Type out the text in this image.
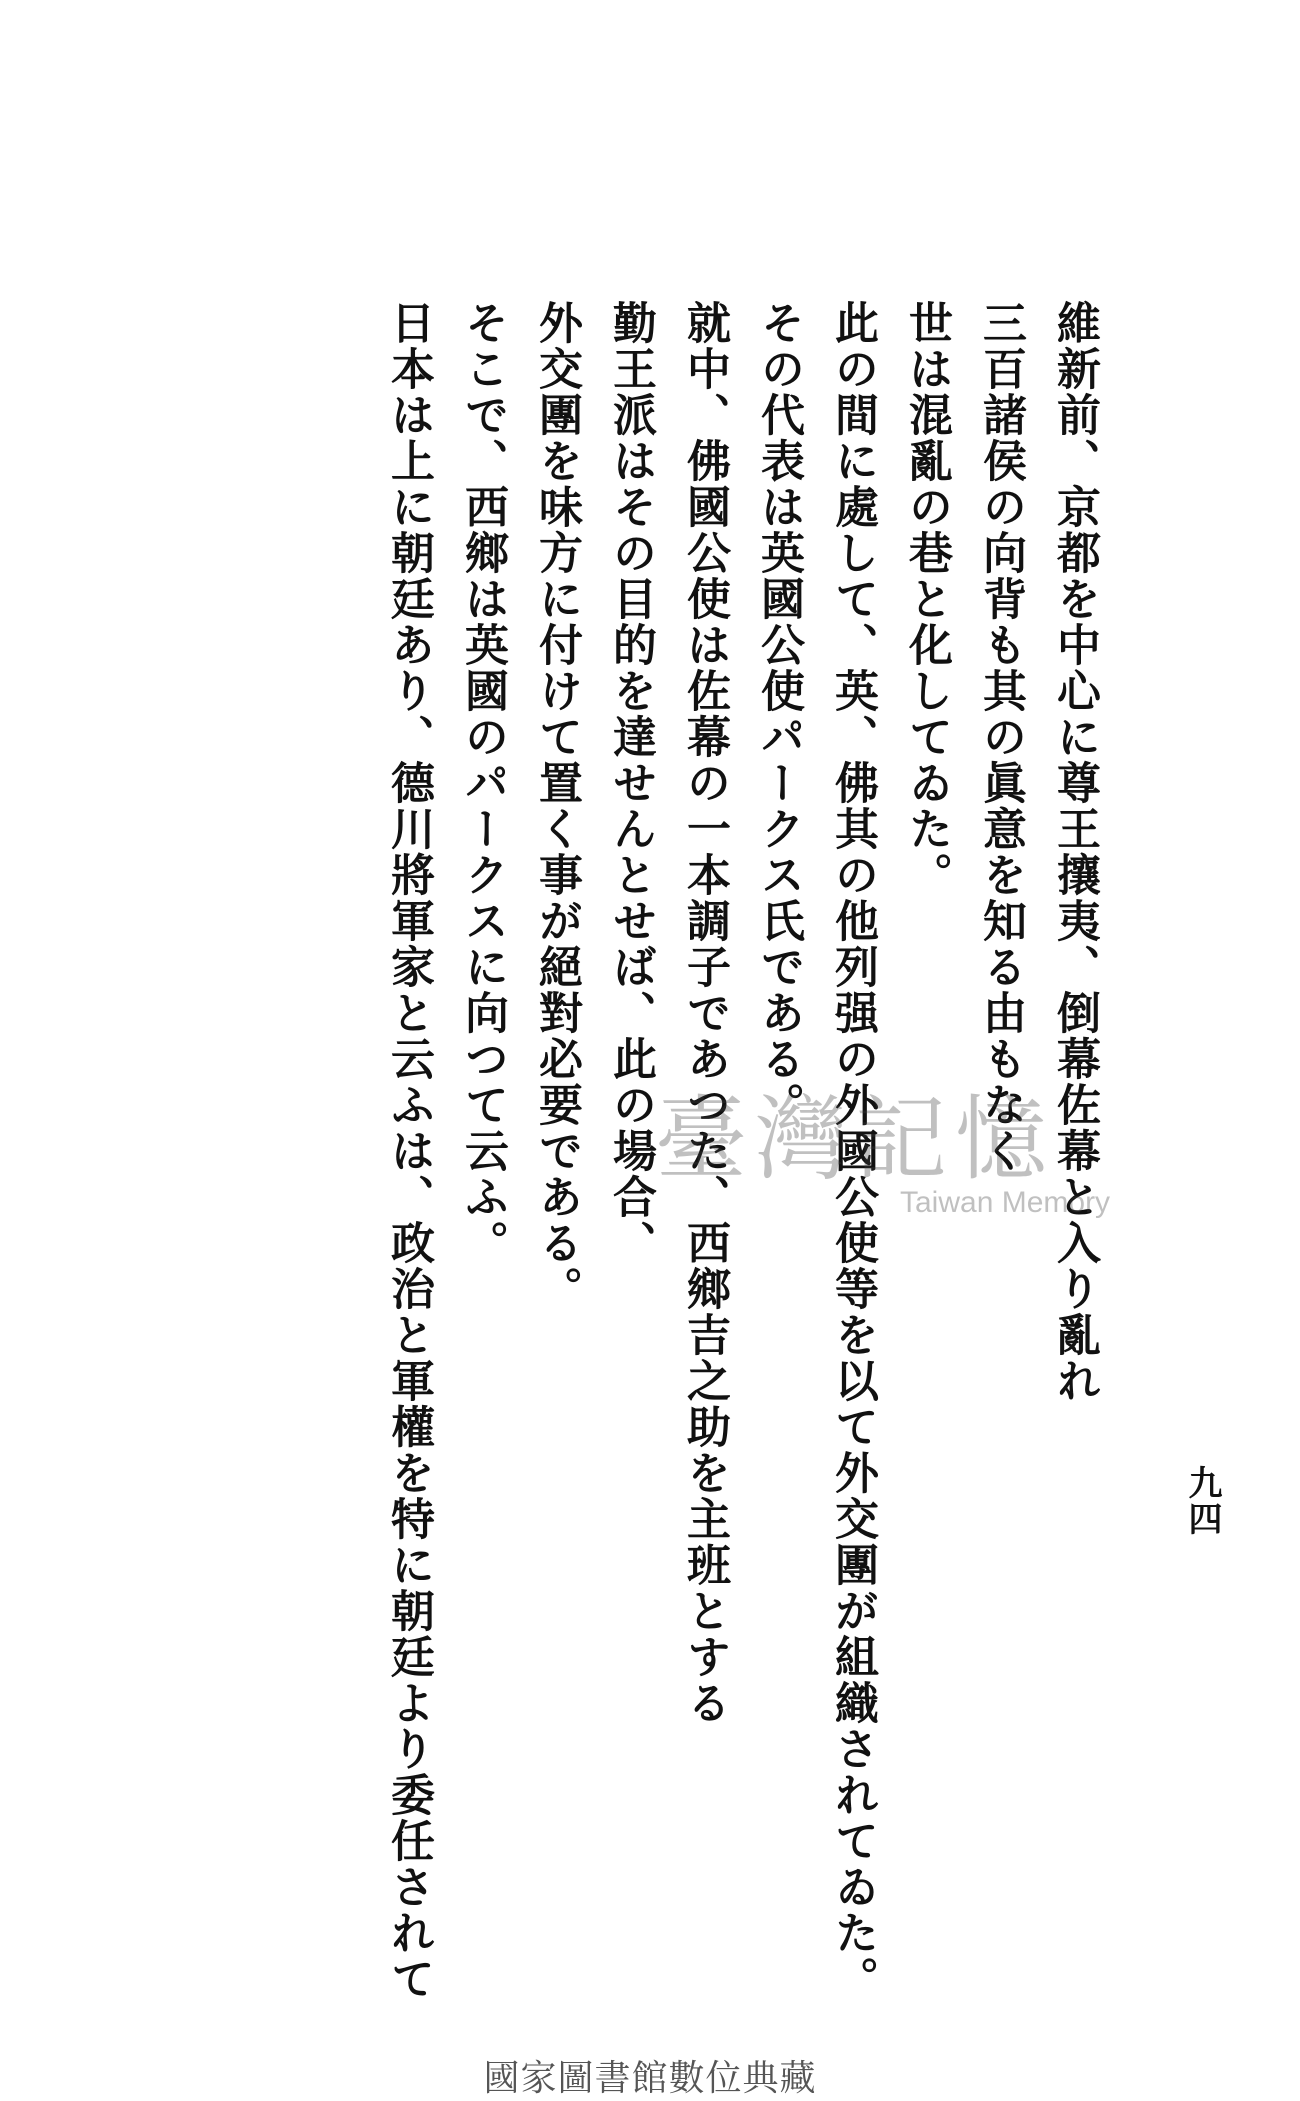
維新前、京都を中心に尊王攘夷、倒幕佐幕と入り亂れ
三百諸侯の向背も其の眞意を知る由もなく
世は混亂の巷と化してゐた。
此の間に處して、英、佛其の他列强の外國公使等を以て外交團が組織されてゐた。
その代表は英國公使パークス氏である。
就中、佛國公使は佐幕の一本調子であつた、西鄉吉之助を主班とする
勤王派はその目的を達せんとせば、此の場合、
外交團を味方に付けて置く事が絕對必要である。
そこで、西鄉は英國のパークスに向つて云ふ。
日本は上に朝廷あり、德川將軍家と云ふは、政治と軍權を特に朝廷より委任されて	九四
臺灣記憶
Taiwan Memory
國家圖書館數位典藏
